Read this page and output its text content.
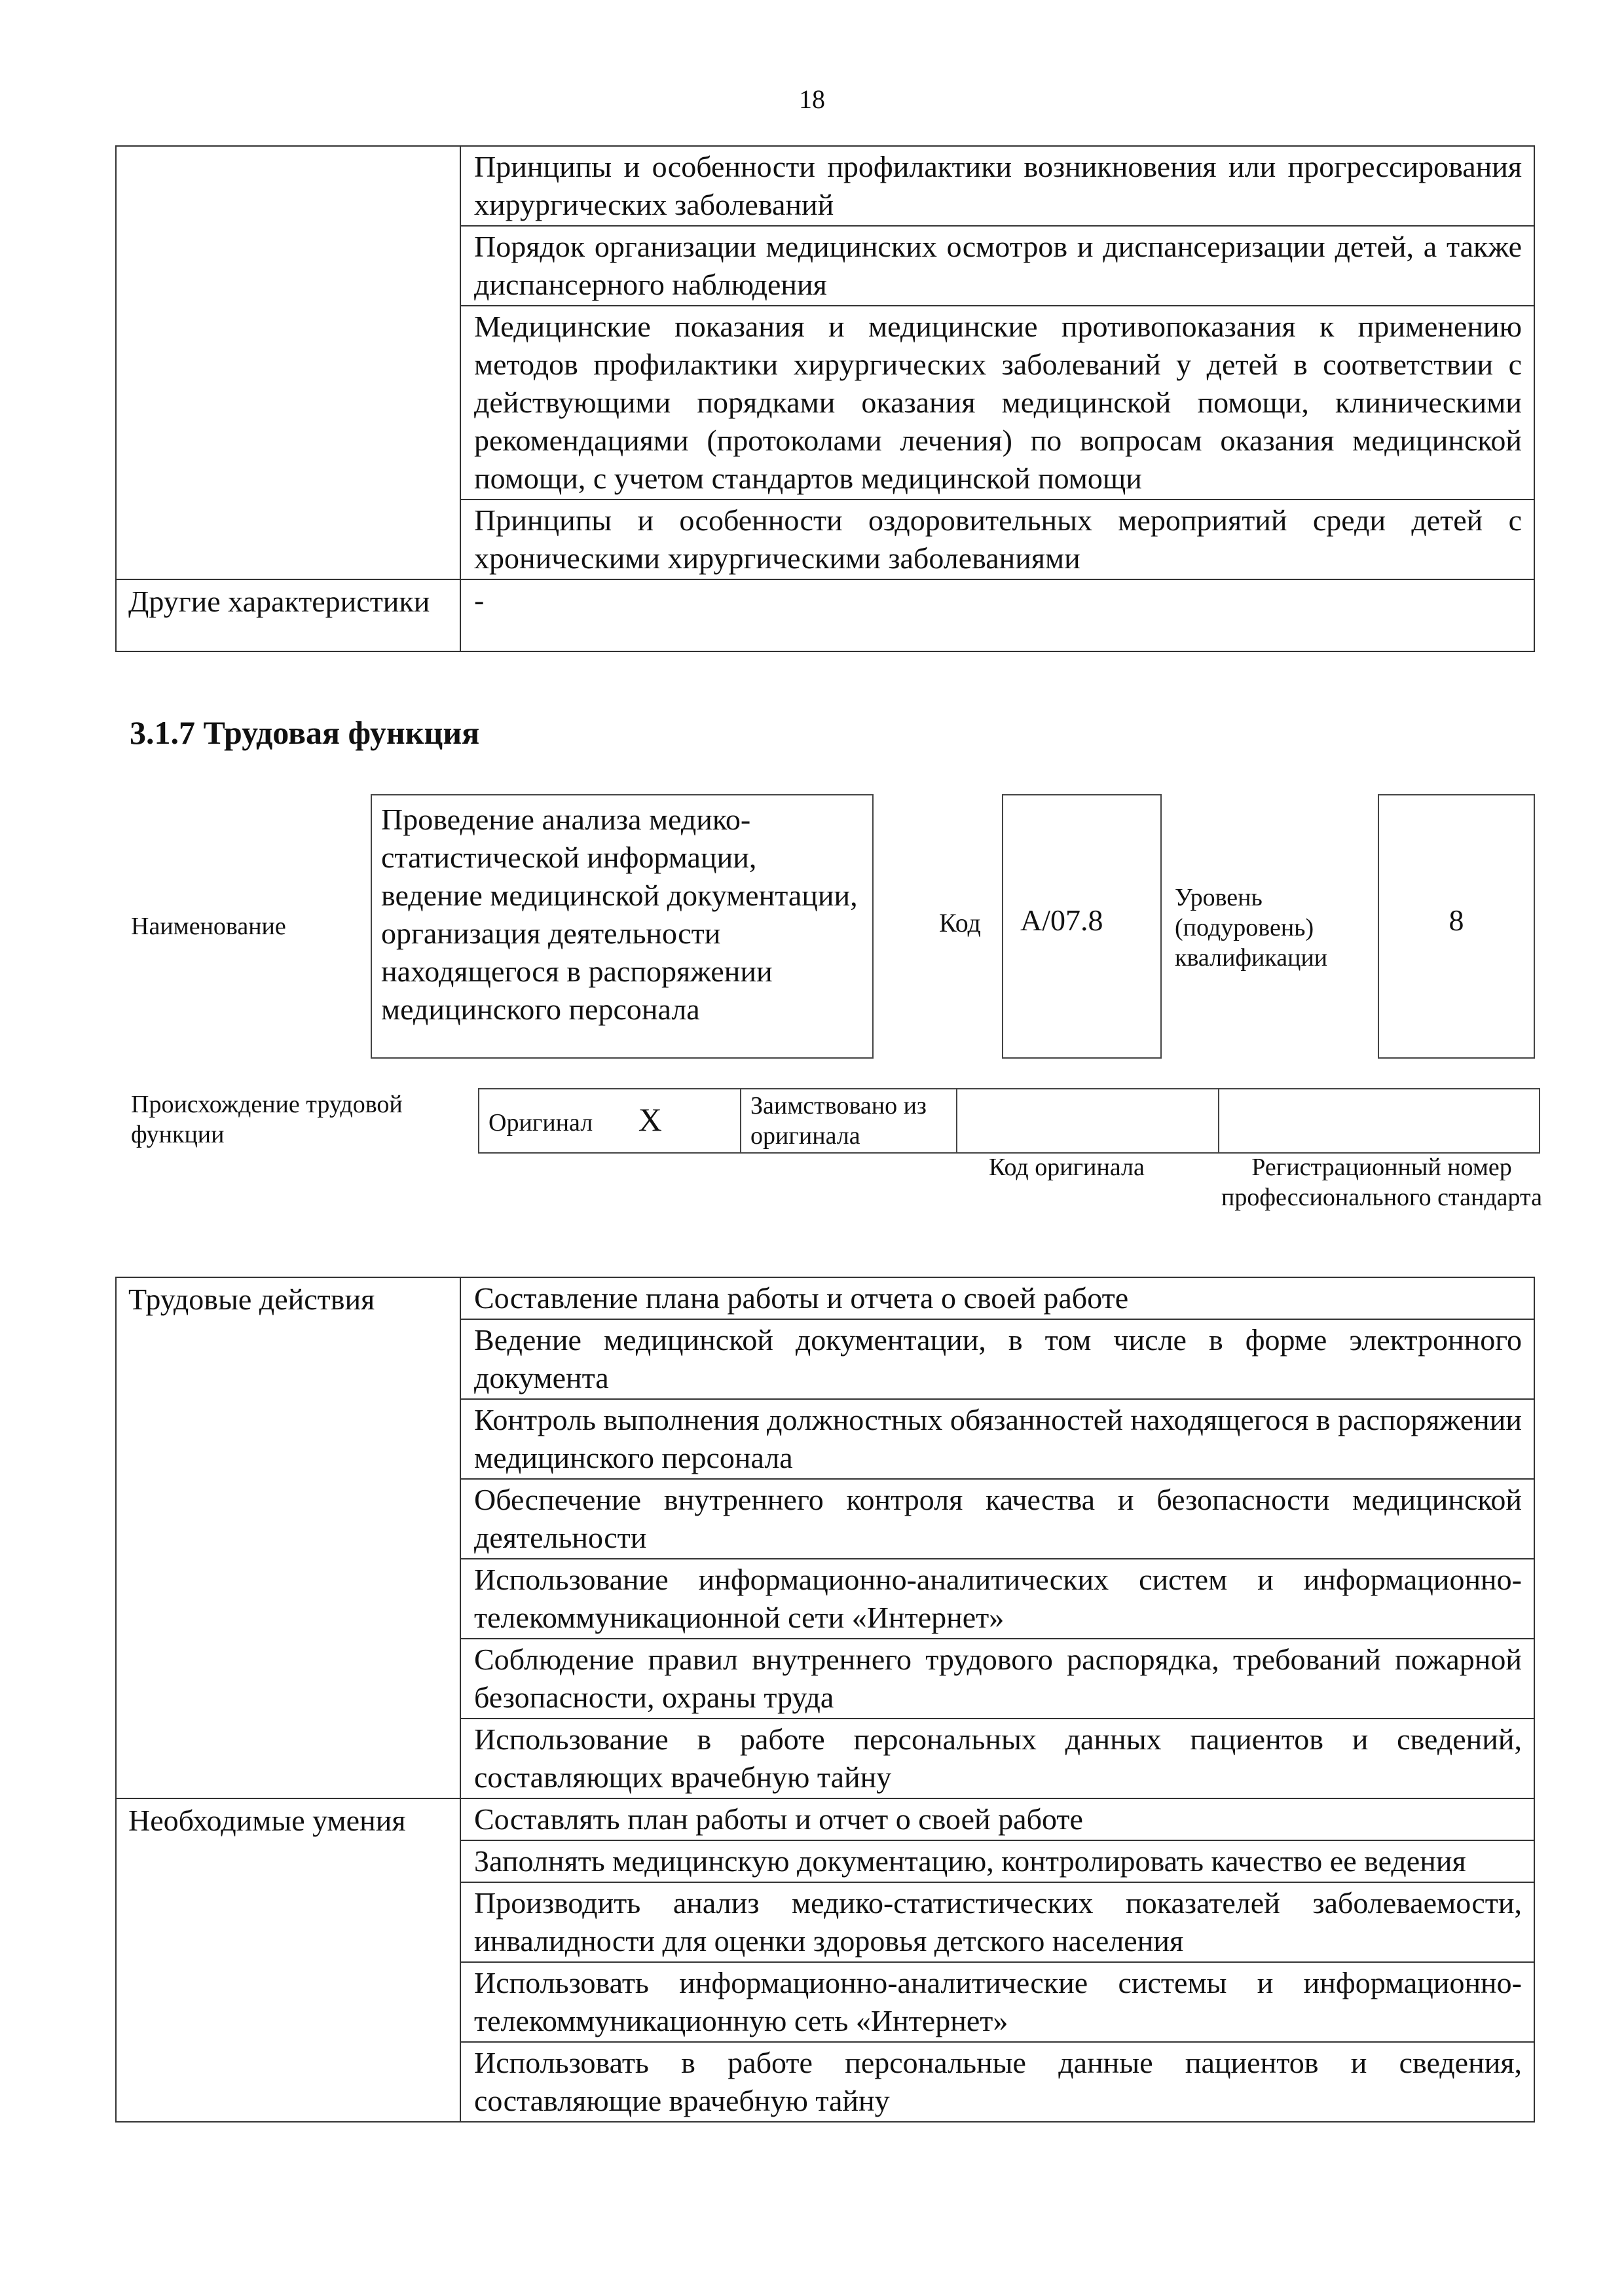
18

	Принципы и особенности профилактики возникновения или прогрессирования хирургических заболеваний

	Порядок организации медицинских осмотров и диспансеризации детей, а также диспансерного наблюдения

	Медицинские показания и медицинские противопоказания к применению методов профилактики хирургических заболеваний у детей в соответствии с действующими порядками оказания медицинской помощи, клиническими рекомендациями (протоколами лечения) по вопросам оказания медицинской помощи, с учетом стандартов медицинской помощи

	Принципы и особенности оздоровительных мероприятий среди детей с хроническими хирургическими заболеваниями

Другие характеристики	-
3.1.7 Трудовая функция
Наименование
Проведение анализа медико-статистической информации, ведение медицинской документации, организация деятельности находящегося в распоряжении медицинского персонала
Код A/07.8
Уровень (подуровень) квалификации
8
Происхождение трудовой функции	Оригинал X	Заимствовано из оригинала		
Код оригинала	Регистрационный номер профессионального стандарта
Трудовые действия	Составление плана работы и отчета о своей работе

	Ведение медицинской документации, в том числе в форме электронного документа

	Контроль выполнения должностных обязанностей находящегося в распоряжении медицинского персонала

	Обеспечение внутреннего контроля качества и безопасности медицинской деятельности

	Использование информационно-аналитических систем и информационно-телекоммуникационной сети «Интернет»

	Соблюдение правил внутреннего трудового распорядка, требований пожарной безопасности, охраны труда

	Использование в работе персональных данных пациентов и сведений, составляющих врачебную тайну

Необходимые умения	Составлять план работы и отчет о своей работе

	Заполнять медицинскую документацию, контролировать качество ее ведения

	Производить анализ медико-статистических показателей заболеваемости, инвалидности для оценки здоровья детского населения

	Использовать информационно-аналитические системы и информационно-телекоммуникационную сеть «Интернет»

	Использовать в работе персональные данные пациентов и сведения, составляющие врачебную тайну
